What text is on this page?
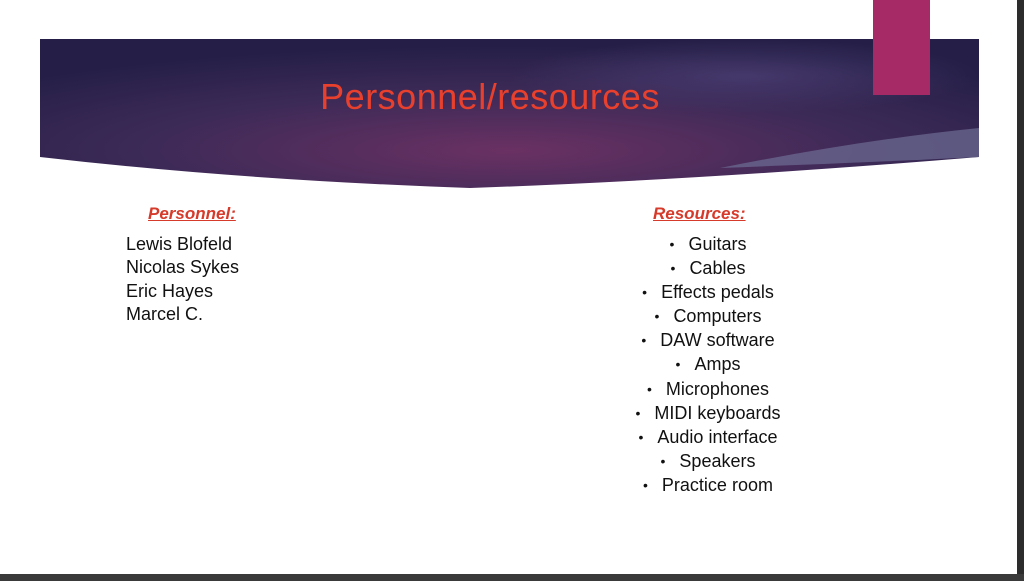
Personnel/resources
Personnel:
Lewis Blofeld
Nicolas Sykes
Eric Hayes
Marcel C.
Resources:
• Guitars
• Cables
• Effects pedals
• Computers
• DAW software
• Amps
• Microphones
• MIDI keyboards
• Audio interface
• Speakers
• Practice room
